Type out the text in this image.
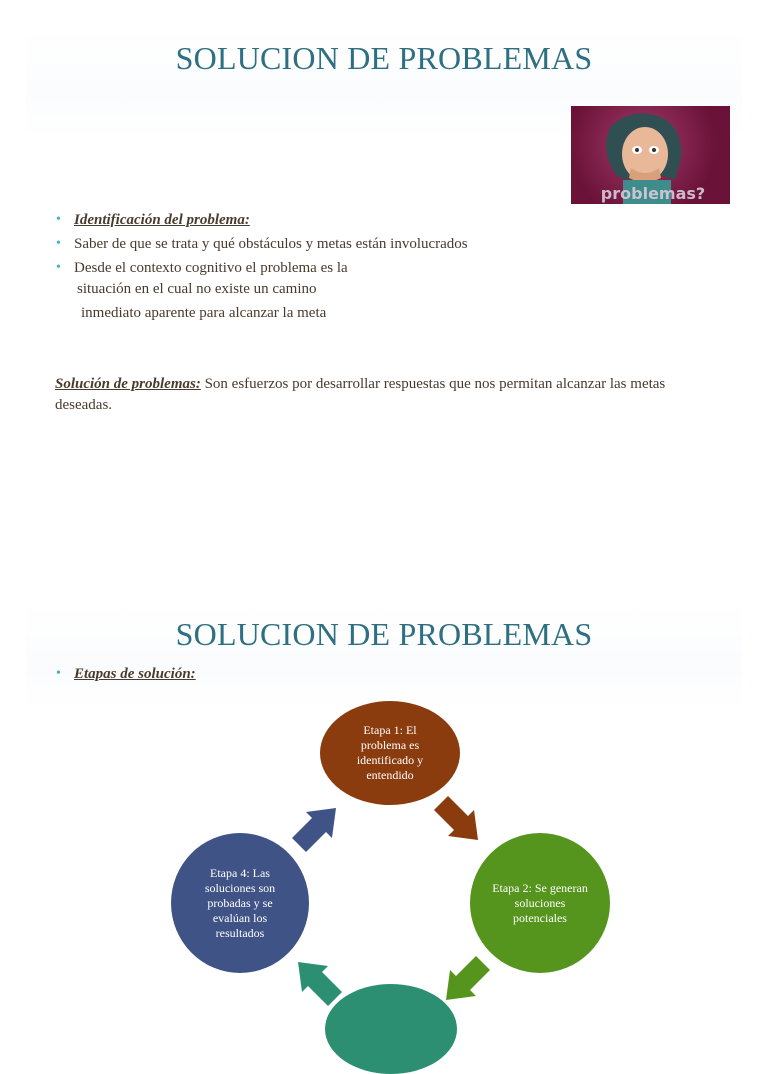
SOLUCION DE PROBLEMAS
problemas?
• Identificación del problema:
• Saber de que se trata y qué obstáculos y metas están involucrados
• Desde el contexto cognitivo el problema es la
situación en el cual no existe un camino
inmediato aparente para alcanzar la meta
Solución de problemas: Son esfuerzos por desarrollar respuestas que nos permitan alcanzar las metas deseadas.
SOLUCION DE PROBLEMAS
• Etapas de solución:
Etapa 1: El problema es identificado y entendido
Etapa 2: Se generan soluciones potenciales
Etapa 4: Las soluciones son probadas y se evalúan los resultados
